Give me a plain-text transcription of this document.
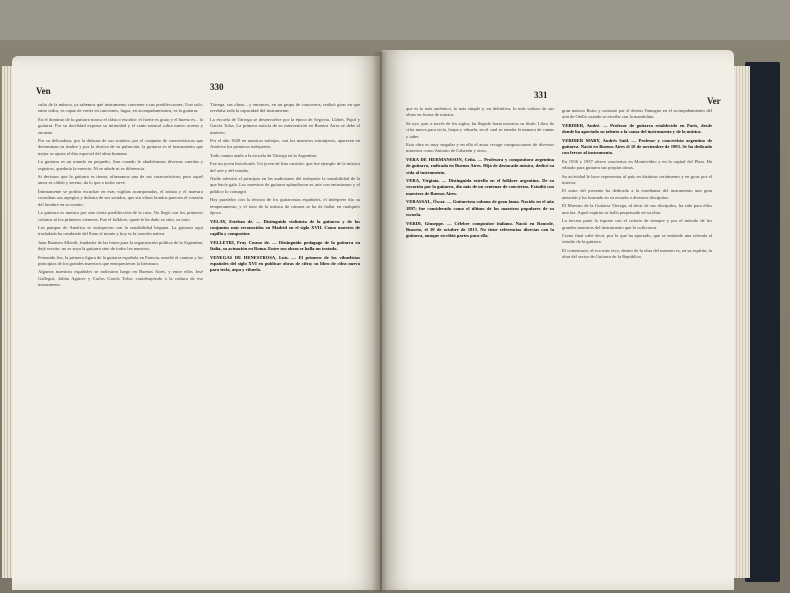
Ven	330

culto de la música, ya sabemos qué instrumento conviene a sus predilecciones. Uno solo, entre todos, es capaz de verter en canciones, fugas, en acompañamientos, es la guitarra.

En el dominio de la guitarra marca el clásico exordio: el fuerte es grato y el bueno es... la guitarra. Por su docilidad expresa su intimidad y el canto natural cobra nuevo acento y encanto.

Por su delicadeza, por la dulzura de sus sonidos, por el conjunto de características que determinan su timbre y por la técnica de su pulsación, la guitarra es el instrumento que mejor se ajusta al dúo espacial del alma humana.

La guitarra es un mundo en pequeño. Aun cuando le añadiéramos diversas cuerdas y registros, quedaría la esencia. Ni se añade ni se diferencia.

Si decimos que la guitarra es tierna, afirmamos una de sus características; pero aquel amor es cálido y sereno, da lo que a todos sirve.

Íntimamente se podría escuchar en esas vigilias acompasadas, el artista y el maestro consultan sus arpegios y dulzura de sus sonidos, que sin vibrar hondos parecen el corazón del hombre en su acento.

La guitarra es nuestra por una cierta predilección de la raza. No llegó con los primeros colonos ni los primeros vieneses. Fue el folklore, quien le ha dado su sitio, su tono.

Las pampas de América se enriquecen con la sensibilidad hispana. La guitarra aquí trasladada ha cambiado del llano al monte y hoy es la canción nativa.

Juan Bautista Alberdi, fundador de las bases para la organización política de la Argentina, dejó escrito: no es suya la guitarra sino de todos los nuestros.

Fernando Sor, la primera figura de la guitarra española en Francia, enseñó el camino y los principios de los grandes maestros que enriquecieron la literatura.

Algunos maestros españoles se radicaron luego en Buenos Aires, y entre ellos José Gallegos, Julián Aguirre y Carlos García Tolsa; contribuyendo a la cultura de ese instrumento.

Tárrega, sus obras... y entonces, en un grupo de conciertos, realizó giras en que revelaba toda la capacidad del instrumento.

La escuela de Tárrega se desenvuelve por la época de Segovia, Llobet, Pujol y García Tolsa. La primera noticia de su intervención en Buenos Aires se debe al maestro.

Por el año 1920 en nuestros trabajos, con los maestros extranjeros, aparecen en América los primeros intérpretes.

Todo cuanto atañe a la escuela de Tárrega en la Argentina.

Fue un joven barcelonés. Un joven de fino carácter, que fue ejemplo de la mística del arte y del estudio.

Nadie advirtió al principio en las audiciones del intérprete la sensibilidad de la que hacía gala. Los maestros de guitarra aplaudieron su arte con entusiasmo y el público lo consagró.

Hay paralelos con la técnica de los guitarristas españoles, el intérprete dio su temperamento, y el tono de la música de cámara se ha de hallar en cualquier época.

VELAY, Esteban de. — Distinguido violinista de la guitarra y de los conjuntos más reconocidos en Madrid en el siglo XVII. Como maestro de capilla y compositor.

VELLETRI, Fray Cosmo de. — Distinguido pedagogo de la guitarra en Italia, su actuación en Roma. Entre sus obras se halla un tratado.

VENEGAS DE HENESTROSA, Luis. — El primero de los vihuelistas españoles del siglo XVI en publicar obras de cifra; su libro de cifra nueva para tecla, arpa y vihuela.

331
Ver

que es lo más auténtico, lo más simple y, en definitiva, lo más valioso de sus obras en forma de música.

Se oye, que, a través de los siglos, ha llegado hasta nosotros su título: Libro de cifra nueva para tecla, harpa y vihuela, en el cual se enseña la manera de cantar y tañer.

Esta obra es muy singular y en ella el autor recoge composiciones de diversos maestros como Antonio de Cabezón y otros.

VERA DE HERMANSSON, Celia. — Profesora y compositora argentina de guitarra, radicada en Buenos Aires. Hija de destacado músico, dedicó su vida al instrumento.

VERA, Virginia. — Distinguida estrella en el folklore argentino. De su vocación por la guitarra, dio más de un centenar de conciertos. Estudió con maestros de Buenos Aires.

VERASSAL, Óscar. — Guitarrista cubano de gran fama. Nacido en el año 1897; fue considerado como el último de los maestros populares de su escuela.

VERDI, Giuseppe. — Célebre compositor italiano. Nació en Roncole, Busseto, el 10 de octubre de 1813. No tiene referencias directas con la guitarra, aunque escribió partes para ella.

gran músico Boito y contrató por el divino Tamagno en el acompañamiento del aria de Otello cuando se escribe con la mandolina.

VERDIER, André. — Profesor de guitarra establecido en París, desde donde ha aportado su talento a la causa del instrumento y de la música.

VERDIER MARY, Andrés Saúl. — Profesor y concertista argentino de guitarra. Nació en Buenos Aires el 18 de noviembre de 1903. Se ha dedicado con fervor al instrumento.

En 1936 y 1937 ofrece conciertos en Montevideo y en la capital del Plata. Ha editado para guitarra sus propias obras.

Su actividad le hace representar al país en distintos certámenes y en giras por el interior.

El autor del presente ha dedicado a la enseñanza del instrumento una gran atención y ha formado en su escuela a diversos discípulos.

El Maestro de la Guitarra Tárrega, al decir de sus discípulos, ha sido para ellos una luz. Aquel espíritu se halla perpetuado en su obra.

La tercera parte la expone con el criterio de siempre y por el método de los grandes maestros del instrumento que lo cultivaron.

Como final cabe decir, por lo que ha aportado, que se entiende una ofrenda al estudio de la guitarra.

El comentario, el eco más vivo, dentro de la obra del maestro es, en su espíritu, la obra del sector de Guitarra de la República.
